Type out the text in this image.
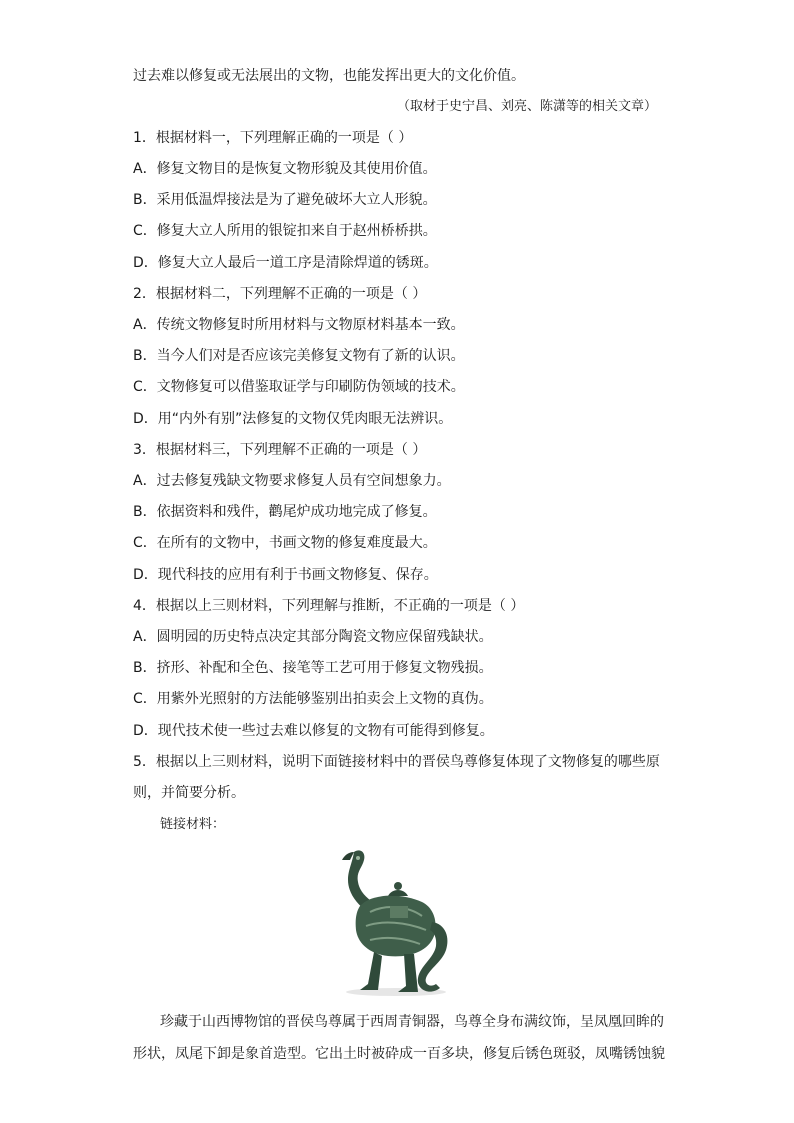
过去难以修复或无法展出的文物，也能发挥出更大的文化价值。
（取材于史宁昌、刘亮、陈潇等的相关文章）
1．根据材料一，下列理解正确的一项是（ ）
A．修复文物目的是恢复文物形貌及其使用价值。
B．采用低温焊接法是为了避免破坏大立人形貌。
C．修复大立人所用的银锭扣来自于赵州桥桥拱。
D．修复大立人最后一道工序是清除焊道的锈斑。
2．根据材料二，下列理解不正确的一项是（ ）
A．传统文物修复时所用材料与文物原材料基本一致。
B．当今人们对是否应该完美修复文物有了新的认识。
C．文物修复可以借鉴取证学与印刷防伪领域的技术。
D．用“内外有别”法修复的文物仅凭肉眼无法辨识。
3．根据材料三，下列理解不正确的一项是（ ）
A．过去修复残缺文物要求修复人员有空间想象力。
B．依据资料和残件，鹳尾炉成功地完成了修复。
C．在所有的文物中，书画文物的修复难度最大。
D．现代科技的应用有利于书画文物修复、保存。
4．根据以上三则材料，下列理解与推断，不正确的一项是（ ）
A．圆明园的历史特点决定其部分陶瓷文物应保留残缺状。
B．挤形、补配和全色、接笔等工艺可用于修复文物残损。
C．用紫外光照射的方法能够鉴别出拍卖会上文物的真伪。
D．现代技术使一些过去难以修复的文物有可能得到修复。
5．根据以上三则材料，说明下面链接材料中的晋侯鸟尊修复体现了文物修复的哪些原
则，并简要分析。
链接材料：
珍藏于山西博物馆的晋侯鸟尊属于西周青铜器，鸟尊全身布满纹饰，呈凤凰回眸的
形状，凤尾下卸是象首造型。它出土时被砕成一百多块，修复后锈色斑驳，凤嘴锈蚀貌
